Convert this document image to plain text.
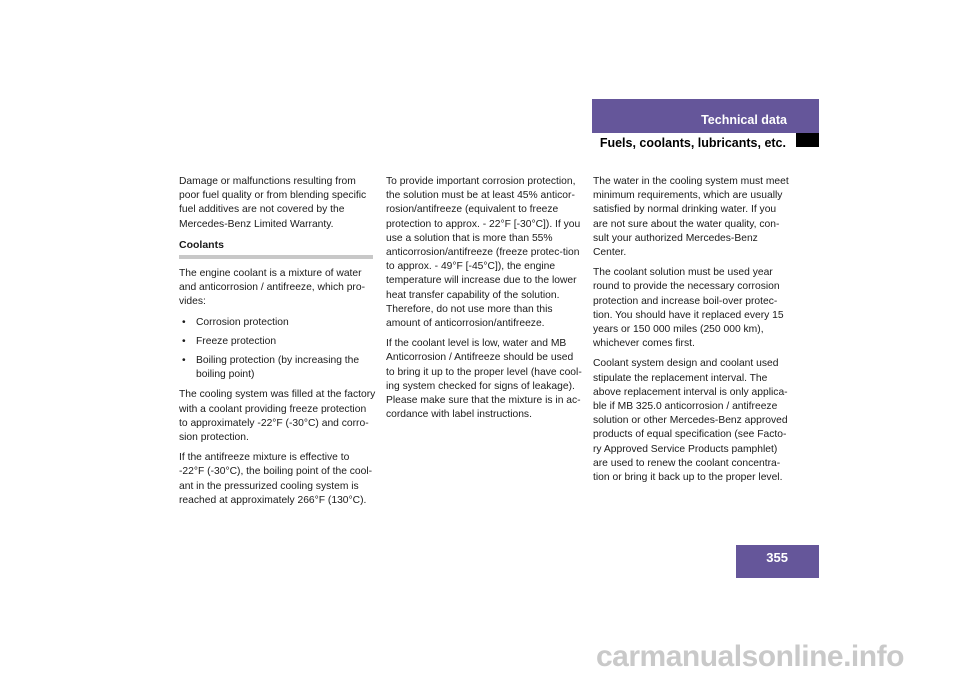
Technical data
Fuels, coolants, lubricants, etc.

Damage or malfunctions resulting from poor fuel quality or from blending specific fuel additives are not covered by the Mercedes-Benz Limited Warranty.

Coolants

The engine coolant is a mixture of water and anticorrosion / antifreeze, which pro-vides:

• Corrosion protection
• Freeze protection
• Boiling protection (by increasing the boiling point)

The cooling system was filled at the factory with a coolant providing freeze protection to approximately -22°F (-30°C) and corro-sion protection.

If the antifreeze mixture is effective to -22°F (-30°C), the boiling point of the cool-ant in the pressurized cooling system is reached at approximately 266°F (130°C).

To provide important corrosion protection, the solution must be at least 45% anticor-rosion/antifreeze (equivalent to freeze protection to approx. - 22°F [-30°C]). If you use a solution that is more than 55% anticorrosion/antifreeze (freeze protec-tion to approx. - 49°F [-45°C]), the engine temperature will increase due to the lower heat transfer capability of the solution. Therefore, do not use more than this amount of anticorrosion/antifreeze.

If the coolant level is low, water and MB Anticorrosion / Antifreeze should be used to bring it up to the proper level (have cool-ing system checked for signs of leakage). Please make sure that the mixture is in ac-cordance with label instructions.

The water in the cooling system must meet minimum requirements, which are usually satisfied by normal drinking water. If you are not sure about the water quality, con-sult your authorized Mercedes-Benz Center.

The coolant solution must be used year round to provide the necessary corrosion protection and increase boil-over protec-tion. You should have it replaced every 15 years or 150 000 miles (250 000 km), whichever comes first.

Coolant system design and coolant used stipulate the replacement interval. The above replacement interval is only applica-ble if MB 325.0 anticorrosion / antifreeze solution or other Mercedes-Benz approved products of equal specification (see Facto-ry Approved Service Products pamphlet) are used to renew the coolant concentra-tion or bring it back up to the proper level.

355
carmanualsonline.info
